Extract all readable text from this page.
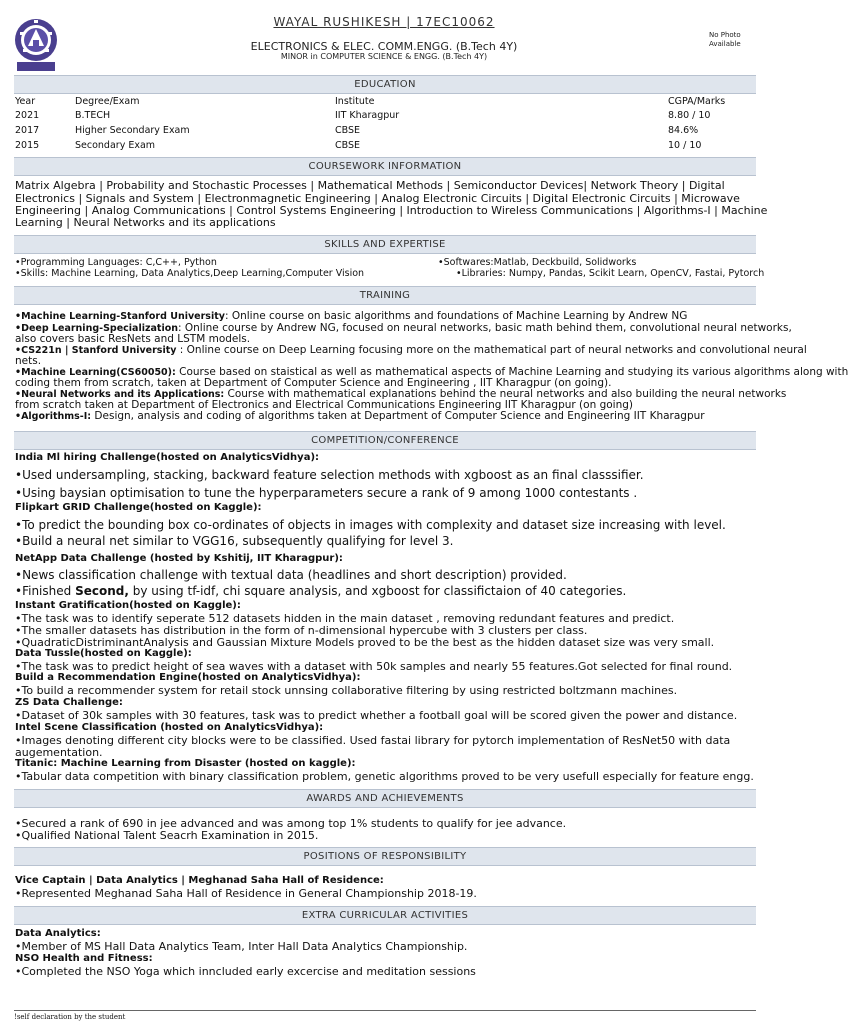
WAYAL RUSHIKESH | 17EC10062
ELECTRONICS & ELEC. COMM.ENGG. (B.Tech 4Y)
MINOR in COMPUTER SCIENCE & ENGG. (B.Tech 4Y)
No Photo Available
EDUCATION
Year	Degree/Exam	Institute	CGPA/Marks
2021	B.TECH	IIT Kharagpur	8.80 / 10
2017	Higher Secondary Exam	CBSE	84.6%
2015	Secondary Exam	CBSE	10 / 10
COURSEWORK INFORMATION
Matrix Algebra | Probability and Stochastic Processes | Mathematical Methods | Semiconductor Devices| Network Theory | Digital
Electronics | Signals and System | Electronmagnetic Engineering | Analog Electronic Circuits | Digital Electronic Circuits | Microwave
Engineering | Analog Communications | Control Systems Engineering | Introduction to Wireless Communications | Algorithms-I | Machine
Learning | Neural Networks and its applications
SKILLS AND EXPERTISE
•Programming Languages: C,C++, Python	•Softwares:Matlab, Deckbuild, Solidworks
•Skills: Machine Learning, Data Analytics,Deep Learning,Computer Vision	•Libraries: Numpy, Pandas, Scikit Learn, OpenCV, Fastai, Pytorch
TRAINING
•Machine Learning-Stanford University: Online course on basic algorithms and foundations of Machine Learning by Andrew NG
•Deep Learning-Specialization: Online course by Andrew NG, focused on neural networks, basic math behind them, convolutional neural networks,
also covers basic ResNets and LSTM models.
•CS221n | Stanford University : Online course on Deep Learning focusing more on the mathematical part of neural networks and convolutional neural
nets.
•Machine Learning(CS60050): Course based on staistical as well as mathematical aspects of Machine Learning and studying its various algorithms along with
coding them from scratch, taken at Department of Computer Science and Engineering , IIT Kharagpur (on going).
•Neural Networks and its Applications: Course with mathematical explanations behind the neural networks and also building the neural networks
from scratch taken at Department of Electronics and Electrical Communications Engineering IIT Kharagpur (on going)
•Algorithms-I: Design, analysis and coding of algorithms taken at Department of Computer Science and Engineering IIT Kharagpur
COMPETITION/CONFERENCE
India Ml hiring Challenge(hosted on AnalyticsVidhya):
•Used undersampling, stacking, backward feature selection methods with xgboost as an final classsifier.
•Using baysian optimisation to tune the hyperparameters secure a rank of 9 among 1000 contestants .
Flipkart GRID Challenge(hosted on Kaggle):
•To predict the bounding box co-ordinates of objects in images with complexity and dataset size increasing with level.
•Build a neural net similar to VGG16, subsequently qualifying for level 3.
NetApp Data Challenge (hosted by Kshitij, IIT Kharagpur):
•News classification challenge with textual data (headlines and short description) provided.
•Finished Second, by using tf-idf, chi square analysis, and xgboost for classifictaion of 40 categories.
Instant Gratification(hosted on Kaggle):
•The task was to identify seperate 512 datasets hidden in the main dataset , removing redundant features and predict.
•The smaller datasets has distribution in the form of n-dimensional hypercube with 3 clusters per class.
•QuadraticDistriminantAnalysis and Gaussian Mixture Models proved to be the best as the hidden dataset size was very small.
Data Tussle(hosted on Kaggle):
•The task was to predict height of sea waves with a dataset with 50k samples and nearly 55 features.Got selected for final round.
Build a Recommendation Engine(hosted on AnalyticsVidhya):
•To build a recommender system for retail stock unnsing collaborative filtering by using restricted boltzmann machines.
ZS Data Challenge:
•Dataset of 30k samples with 30 features, task was to predict whether a football goal will be scored given the power and distance.
Intel Scene Classification (hosted on AnalyticsVidhya):
•Images denoting different city blocks were to be classified. Used fastai library for pytorch implementation of ResNet50 with data
augementation.
Titanic: Machine Learning from Disaster (hosted on kaggle):
•Tabular data competition with binary classification problem, genetic algorithms proved to be very usefull especially for feature engg.
AWARDS AND ACHIEVEMENTS
•Secured a rank of 690 in jee advanced and was among top 1% students to qualify for jee advance.
•Qualified National Talent Seacrh Examination in 2015.
POSITIONS OF RESPONSIBILITY
Vice Captain | Data Analytics | Meghanad Saha Hall of Residence:
•Represented Meghanad Saha Hall of Residence in General Championship 2018-19.
EXTRA CURRICULAR ACTIVITIES
Data Analytics:
•Member of MS Hall Data Analytics Team, Inter Hall Data Analytics Championship.
NSO Health and Fitness:
•Completed the NSO Yoga which inncluded early excercise and meditation sessions
!self declaration by the student
